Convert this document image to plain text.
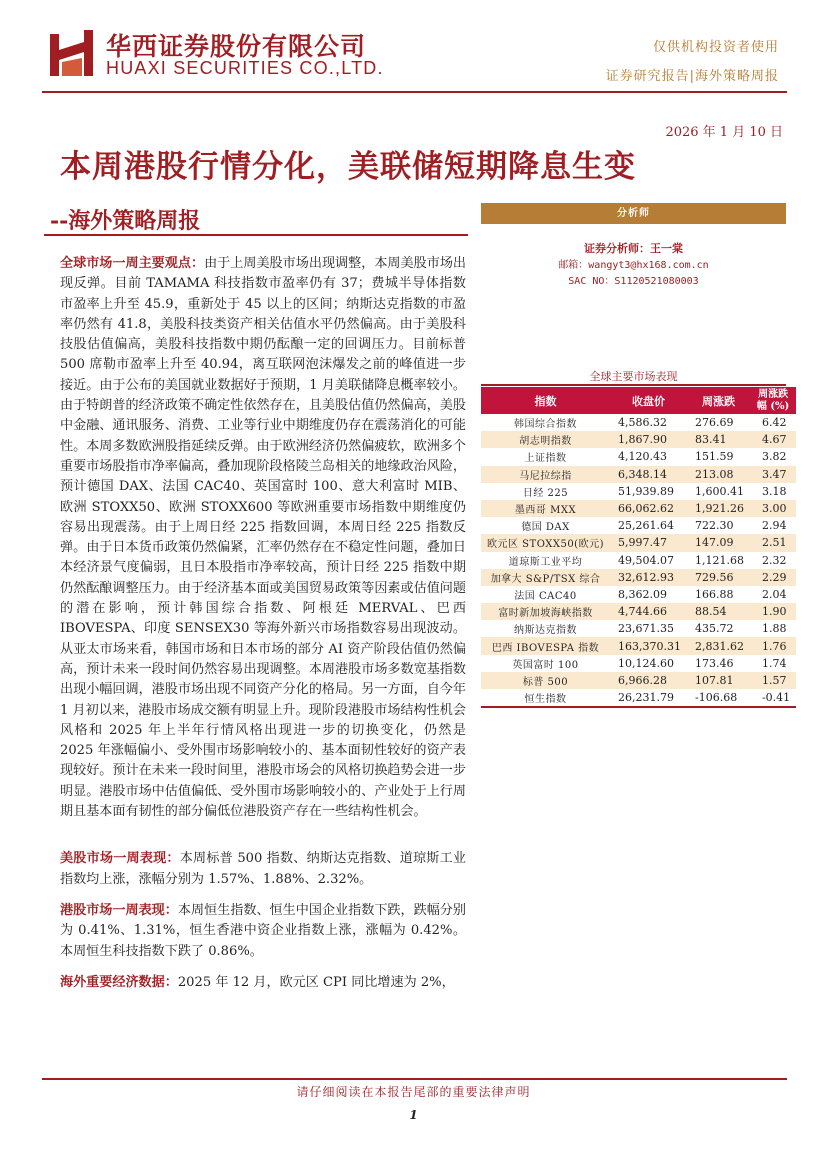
华西证券股份有限公司
HUAXI SECURITIES CO.,LTD.
仅供机构投资者使用
证券研究报告|海外策略周报
2026 年 1 月 10 日
本周港股行情分化，美联储短期降息生变
--海外策略周报

全球市场一周主要观点：由于上周美股市场出现调整，本周美股市场出现反弹。目前 TAMAMA 科技指数市盈率仍有 37；费城半导体指数市盈率上升至 45.9，重新处于 45 以上的区间；纳斯达克指数的市盈率仍然有 41.8，美股科技类资产相关估值水平仍然偏高。由于美股科技股估值偏高，美股科技指数中期仍酝酿一定的回调压力。目前标普 500 席勒市盈率上升至 40.94，离互联网泡沫爆发之前的峰值进一步接近。由于公布的美国就业数据好于预期，1 月美联储降息概率较小。由于特朗普的经济政策不确定性依然存在，且美股估值仍然偏高，美股中金融、通讯服务、消费、工业等行业中期维度仍存在震荡消化的可能性。本周多数欧洲股指延续反弹。由于欧洲经济仍然偏疲软，欧洲多个重要市场股指市净率偏高，叠加现阶段格陵兰岛相关的地缘政治风险，预计德国 DAX、法国 CAC40、英国富时 100、意大利富时 MIB、欧洲 STOXX50、欧洲 STOXX600 等欧洲重要市场指数中期维度仍容易出现震荡。由于上周日经 225 指数回调，本周日经 225 指数反弹。由于日本货币政策仍然偏紧，汇率仍然存在不稳定性问题，叠加日本经济景气度偏弱，且日本股指市净率较高，预计日经 225 指数中期仍然酝酿调整压力。由于经济基本面或美国贸易政策等因素或估值问题的潜在影响，预计韩国综合指数、阿根廷 MERVAL、巴西 IBOVESPA、印度 SENSEX30 等海外新兴市场指数容易出现波动。从亚太市场来看，韩国市场和日本市场的部分 AI 资产阶段估值仍然偏高，预计未来一段时间仍然容易出现调整。本周港股市场多数宽基指数出现小幅回调，港股市场出现不同资产分化的格局。另一方面，自今年 1 月初以来，港股市场成交额有明显上升。现阶段港股市场结构性机会风格和 2025 年上半年行情风格出现进一步的切换变化，仍然是 2025 年涨幅偏小、受外围市场影响较小的、基本面韧性较好的资产表现较好。预计在未来一段时间里，港股市场会的风格切换趋势会进一步明显。港股市场中估值偏低、受外围市场影响较小的、产业处于上行周期且基本面有韧性的部分偏低位港股资产存在一些结构性机会。

美股市场一周表现：本周标普 500 指数、纳斯达克指数、道琼斯工业指数均上涨，涨幅分别为 1.57%、1.88%、2.32%。

港股市场一周表现：本周恒生指数、恒生中国企业指数下跌，跌幅分别为 0.41%、1.31%，恒生香港中资企业指数上涨，涨幅为 0.42%。本周恒生科技指数下跌了 0.86%。

海外重要经济数据：2025 年 12 月，欧元区 CPI 同比增速为 2%，

分析师
证券分析师：王一棠
邮箱：wangyt3@hx168.com.cn
SAC NO：S1120521080003
全球主要市场表现
指数	收盘价	周涨跌	周涨跌幅 (%)
韩国综合指数	4,586.32	276.69	6.42
胡志明指数	1,867.90	83.41	4.67
上证指数	4,120.43	151.59	3.82
马尼拉综指	6,348.14	213.08	3.47
日经 225	51,939.89	1,600.41	3.18
墨西哥 MXX	66,062.62	1,921.26	3.00
德国 DAX	25,261.64	722.30	2.94
欧元区 STOXX50(欧元)	5,997.47	147.09	2.51
道琼斯工业平均	49,504.07	1,121.68	2.32
加拿大 S&P/TSX 综合	32,612.93	729.56	2.29
法国 CAC40	8,362.09	166.88	2.04
富时新加坡海峡指数	4,744.66	88.54	1.90
纳斯达克指数	23,671.35	435.72	1.88
巴西 IBOVESPA 指数	163,370.31	2,831.62	1.76
英国富时 100	10,124.60	173.46	1.74
标普 500	6,966.28	107.81	1.57
恒生指数	26,231.79	-106.68	-0.41
请仔细阅读在本报告尾部的重要法律声明
1
